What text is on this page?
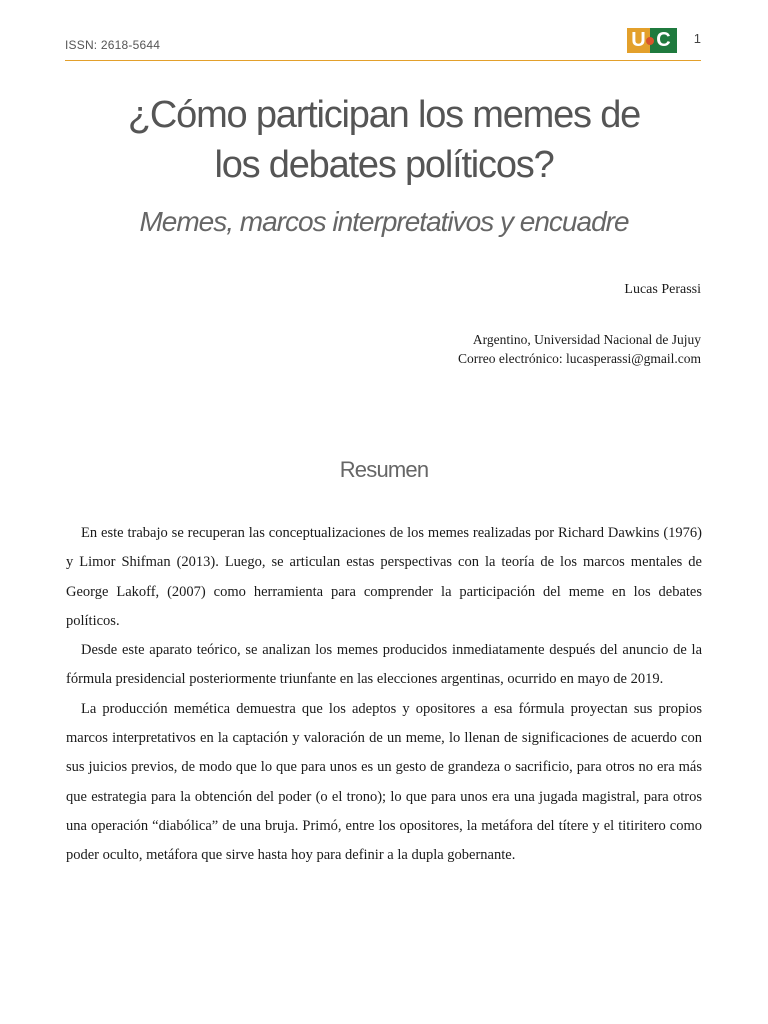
ISSN: 2618-5644	U C	1
¿Cómo participan los memes de
los debates políticos?
Memes, marcos interpretativos y encuadre
Lucas Perassi
Argentino, Universidad Nacional de Jujuy
Correo electrónico: lucasperassi@gmail.com
Resumen

En este trabajo se recuperan las conceptualizaciones de los memes realizadas por Richard Dawkins (1976) y Limor Shifman (2013). Luego, se articulan estas perspectivas con la teoría de los marcos mentales de George Lakoff, (2007) como herramienta para comprender la participación del meme en los debates políticos.

Desde este aparato teórico, se analizan los memes producidos inmediatamente después del anuncio de la fórmula presidencial posteriormente triunfante en las elecciones argentinas, ocurrido en mayo de 2019.

La producción memética demuestra que los adeptos y opositores a esa fórmula proyectan sus propios marcos interpretativos en la captación y valoración de un meme, lo llenan de significaciones de acuerdo con sus juicios previos, de modo que lo que para unos es un gesto de grandeza o sacrificio, para otros no era más que estrategia para la obtención del poder (o el trono); lo que para unos era una jugada magistral, para otros una operación “diabólica” de una bruja. Primó, entre los opositores, la metáfora del títere y el titiritero como poder oculto, metáfora que sirve hasta hoy para definir a la dupla gobernante.
